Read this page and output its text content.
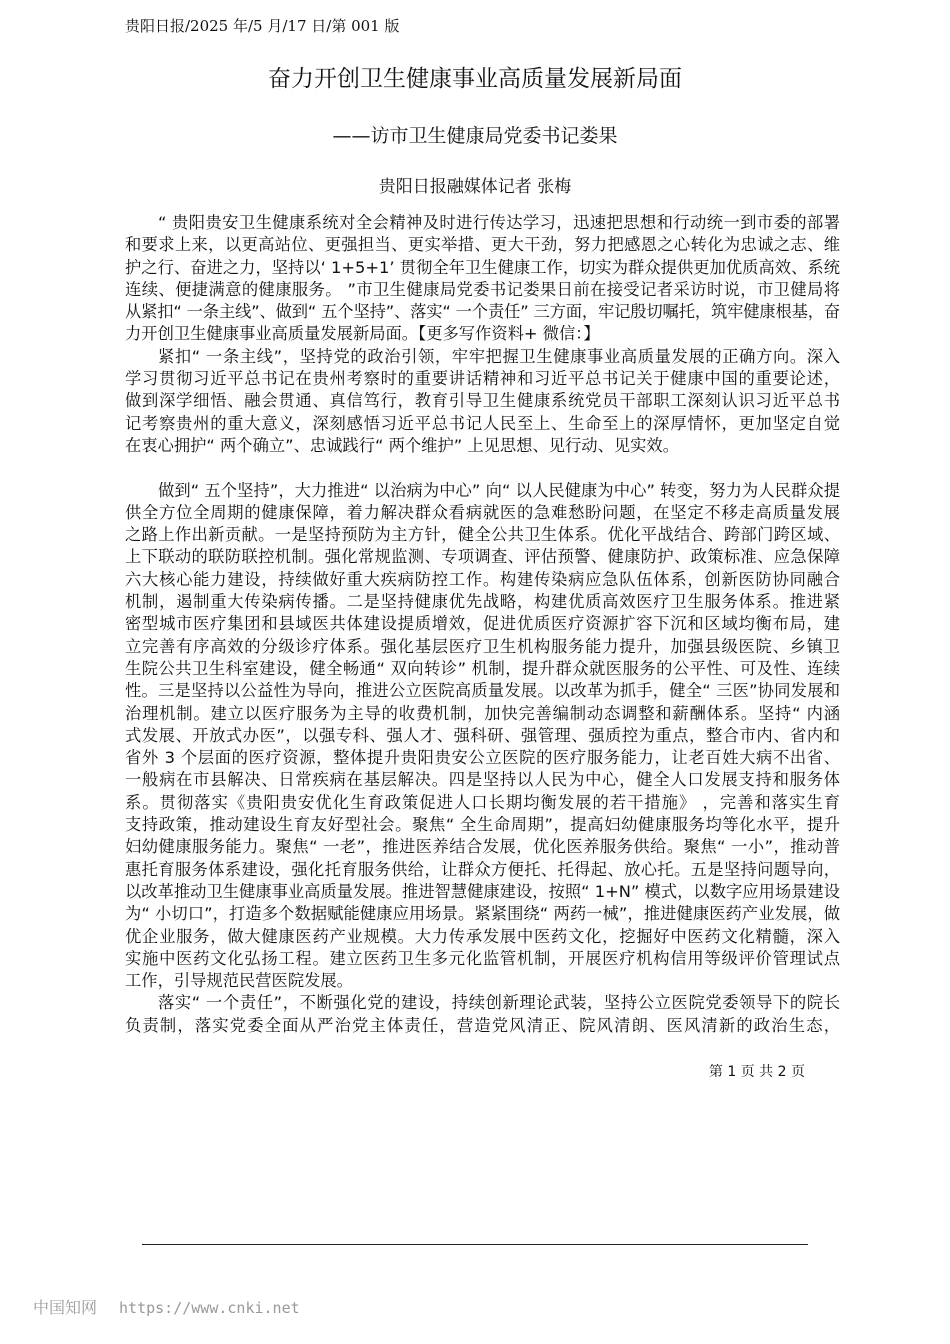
贵阳日报/2025 年/5 月/17 日/第 001 版
奋力开创卫生健康事业高质量发展新局面
——访市卫生健康局党委书记娄果
贵阳日报融媒体记者 张梅
“ 贵阳贵安卫生健康系统对全会精神及时进行传达学习，迅速把思想和行动统一到市委的部署
和要求上来，以更高站位、更强担当、更实举措、更大干劲，努力把感恩之心转化为忠诚之志、维
护之行、奋进之力，坚持以‘ 1+5+1’ 贯彻全年卫生健康工作，切实为群众提供更加优质高效、系统
连续、便捷满意的健康服务。 ”市卫生健康局党委书记娄果日前在接受记者采访时说，市卫健局将
从紧扣“ 一条主线”、做到“ 五个坚持”、落实“ 一个责任” 三方面，牢记殷切嘱托，筑牢健康根基，奋
力开创卫生健康事业高质量发展新局面。【更多写作资料+ 微信：】
紧扣“ 一条主线”，坚持党的政治引领，牢牢把握卫生健康事业高质量发展的正确方向。深入
学习贯彻习近平总书记在贵州考察时的重要讲话精神和习近平总书记关于健康中国的重要论述，
做到深学细悟、融会贯通、真信笃行，教育引导卫生健康系统党员干部职工深刻认识习近平总书
记考察贵州的重大意义，深刻感悟习近平总书记人民至上、生命至上的深厚情怀，更加坚定自觉
在衷心拥护“ 两个确立”、忠诚践行“ 两个维护” 上见思想、见行动、见实效。
做到“ 五个坚持”，大力推进“ 以治病为中心” 向“ 以人民健康为中心” 转变，努力为人民群众提
供全方位全周期的健康保障，着力解决群众看病就医的急难愁盼问题，在坚定不移走高质量发展
之路上作出新贡献。一是坚持预防为主方针，健全公共卫生体系。优化平战结合、跨部门跨区域、
上下联动的联防联控机制。强化常规监测、专项调查、评估预警、健康防护、政策标准、应急保障
六大核心能力建设，持续做好重大疾病防控工作。构建传染病应急队伍体系，创新医防协同融合
机制，遏制重大传染病传播。二是坚持健康优先战略，构建优质高效医疗卫生服务体系。推进紧
密型城市医疗集团和县域医共体建设提质增效，促进优质医疗资源扩容下沉和区域均衡布局，建
立完善有序高效的分级诊疗体系。强化基层医疗卫生机构服务能力提升，加强县级医院、乡镇卫
生院公共卫生科室建设，健全畅通“ 双向转诊” 机制，提升群众就医服务的公平性、可及性、连续
性。三是坚持以公益性为导向，推进公立医院高质量发展。以改革为抓手，健全“ 三医”协同发展和
治理机制。建立以医疗服务为主导的收费机制，加快完善编制动态调整和薪酬体系。坚持“ 内涵
式发展、开放式办医”，以强专科、强人才、强科研、强管理、强质控为重点，整合市内、省内和
省外 3 个层面的医疗资源，整体提升贵阳贵安公立医院的医疗服务能力，让老百姓大病不出省、
一般病在市县解决、日常疾病在基层解决。四是坚持以人民为中心，健全人口发展支持和服务体
系。贯彻落实《贵阳贵安优化生育政策促进人口长期均衡发展的若干措施》 ，完善和落实生育
支持政策，推动建设生育友好型社会。聚焦“ 全生命周期”，提高妇幼健康服务均等化水平，提升
妇幼健康服务能力。聚焦“ 一老”，推进医养结合发展，优化医养服务供给。聚焦“ 一小”，推动普
惠托育服务体系建设，强化托育服务供给，让群众方便托、托得起、放心托。五是坚持问题导向，
以改革推动卫生健康事业高质量发展。推进智慧健康建设，按照“ 1+N” 模式，以数字应用场景建设
为“ 小切口”，打造多个数据赋能健康应用场景。紧紧围绕“ 两药一械”，推进健康医药产业发展，做
优企业服务，做大健康医药产业规模。大力传承发展中医药文化，挖掘好中医药文化精髓，深入
实施中医药文化弘扬工程。建立医药卫生多元化监管机制，开展医疗机构信用等级评价管理试点
工作，引导规范民营医院发展。
落实“ 一个责任”，不断强化党的建设，持续创新理论武装，坚持公立医院党委领导下的院长
负责制，落实党委全面从严治党主体责任，营造党风清正、院风清朗、医风清新的政治生态，
第 1 页 共 2 页
中国知网 https://www.cnki.net
